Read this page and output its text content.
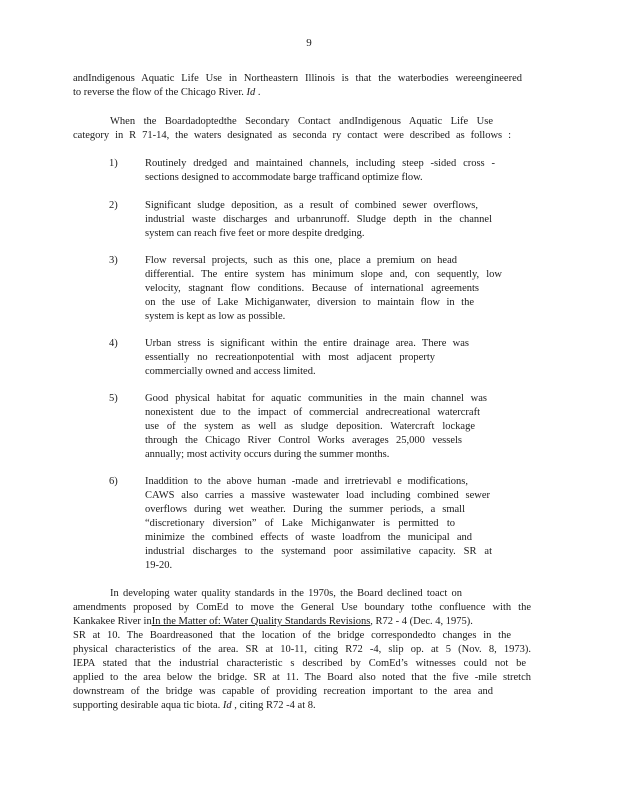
9
andIndigenous Aquatic Life Use in Northeastern Illinois is that the waterbodies wereengineered
to reverse the flow of the Chicago River. Id .
When the Boardadoptedthe Secondary Contact andIndigenous Aquatic Life Use
category in R 71-14, the waters designated as seconda ry contact were described as follows :
1)	Routinely dredged and maintained channels, including steep -sided cross -
sections designed to accommodate barge trafficand optimize flow.
2)	Significant sludge deposition, as a result of combined sewer overflows,
industrial waste discharges and urbanrunoff. Sludge depth in the channel
system can reach five feet or more despite dredging.
3)	Flow reversal projects, such as this one, place a premium on head
differential. The entire system has minimum slope and, con sequently, low
velocity, stagnant flow conditions. Because of international agreements
on the use of Lake Michiganwater, diversion to maintain flow in the
system is kept as low as possible.
4)	Urban stress is significant within the entire drainage area. There was
essentially no recreationpotential with most adjacent property
commercially owned and access limited.
5)	Good physical habitat for aquatic communities in the main channel was
nonexistent due to the impact of commercial andrecreational watercraft
use of the system as well as sludge deposition. Watercraft lockage
through the Chicago River Control Works averages 25,000 vessels
annually; most activity occurs during the summer months.
6)	Inaddition to the above human -made and irretrievabl e modifications,
CAWS also carries a massive wastewater load including combined sewer
overflows during wet weather. During the summer periods, a small
“discretionary diversion” of Lake Michiganwater is permitted to
minimize the combined effects of waste loadfrom the municipal and
industrial discharges to the systemand poor assimilative capacity. SR at
19-20.
In developing water quality standards in the 1970s, the Board declined toact on
amendments proposed by ComEd to move the General Use boundary tothe confluence with the
Kankakee River inIn the Matter of: Water Quality Standards Revisions, R72 - 4 (Dec. 4, 1975).
SR at 10. The Boardreasoned that the location of the bridge correspondedto changes in the
physical characteristics of the area. SR at 10-11, citing R72 -4, slip op. at 5 (Nov. 8, 1973).
IEPA stated that the industrial characteristic s described by ComEd’s witnesses could not be
applied to the area below the bridge. SR at 11. The Board also noted that the five -mile stretch
downstream of the bridge was capable of providing recreation important to the area and
supporting desirable aqua tic biota. Id , citing R72 -4 at 8.
